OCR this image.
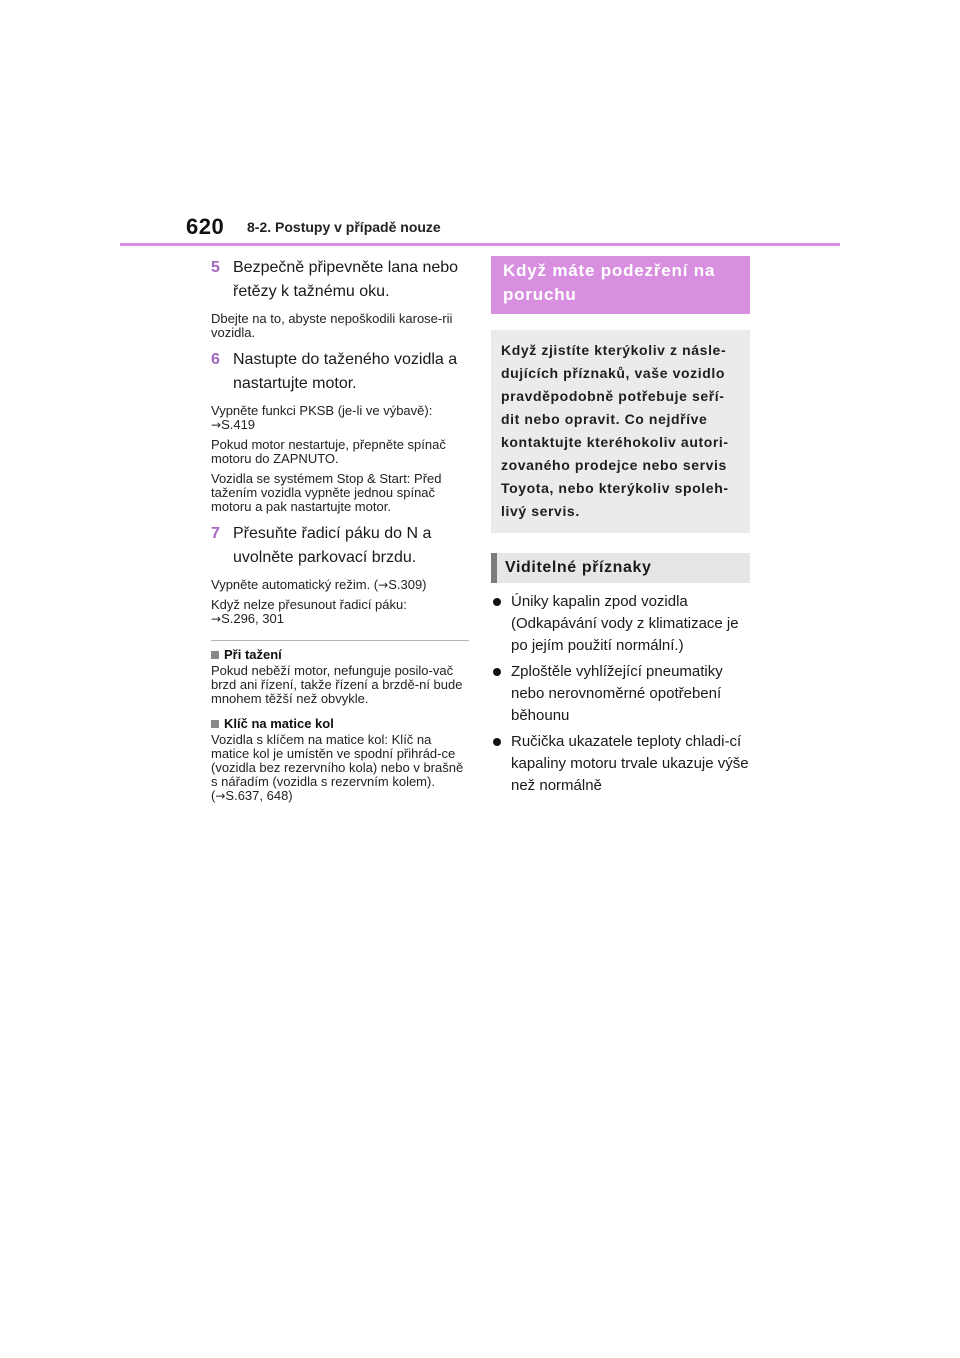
620 8-2. Postupy v případě nouze
5 Bezpečně připevněte lana nebo řetězy k tažnému oku.

Dbejte na to, abyste nepoškodili karose-rii vozidla.

6 Nastupte do taženého vozidla a nastartujte motor.

Vypněte funkci PKSB (je-li ve výbavě):
→S.419

Pokud motor nestartuje, přepněte spínač motoru do ZAPNUTO.

Vozidla se systémem Stop & Start: Před tažením vozidla vypněte jednou spínač motoru a pak nastartujte motor.

7 Přesuňte řadicí páku do N a uvolněte parkovací brzdu.

Vypněte automatický režim. (→S.309)

Když nelze přesunout řadicí páku:
→S.296, 301

Při tažení

Pokud neběží motor, nefunguje posilo-vač brzd ani řízení, takže řízení a brzdě-ní bude mnohem těžší než obvykle.

Klíč na matice kol

Vozidla s klíčem na matice kol: Klíč na matice kol je umístěn ve spodní přihrád-ce (vozidla bez rezervního kola) nebo v brašně s nářadím (vozidla s rezervním kolem). (→S.637, 648)

Když máte podezření na poruchu
Když zjistíte kterýkoliv z násle-dujících příznaků, vaše vozidlo pravděpodobně potřebuje seří-dit nebo opravit. Co nejdříve kontaktujte kteréhokoliv autori-zovaného prodejce nebo servis Toyota, nebo kterýkoliv spoleh-livý servis.
Viditelné příznaky
Úniky kapalin zpod vozidla (Odkapávání vody z klimatizace je po jejím použití normální.)
Zploštěle vyhlížející pneumatiky nebo nerovnoměrné opotřebení běhounu
Ručička ukazatele teploty chladi-cí kapaliny motoru trvale ukazuje výše než normálně
